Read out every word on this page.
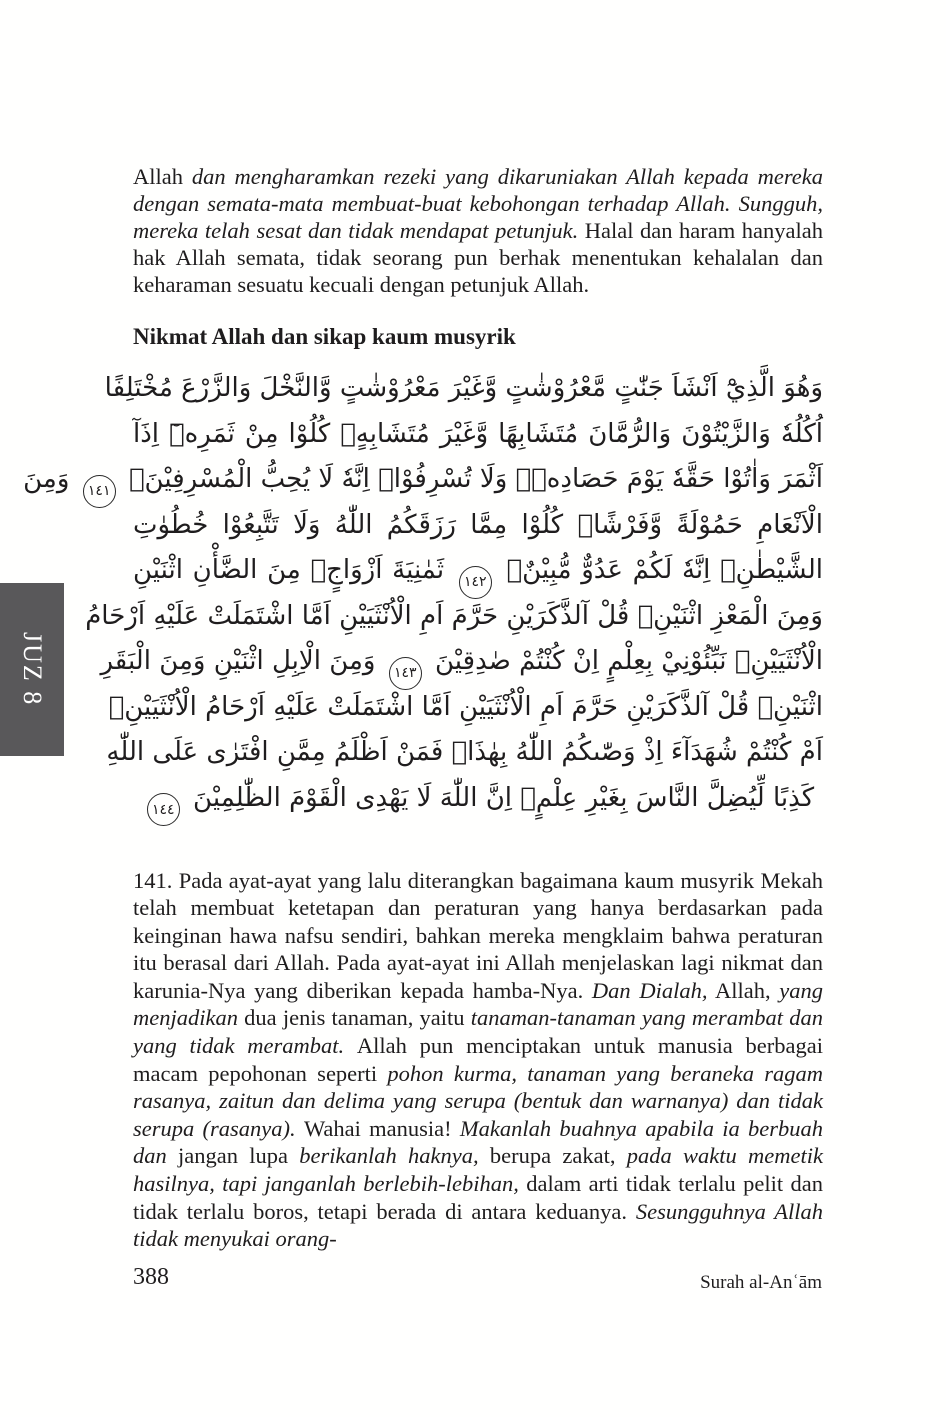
Allah dan mengharamkan rezeki yang dikaruniakan Allah kepada mereka dengan semata-mata membuat-buat kebohongan terhadap Allah. Sungguh, mereka telah sesat dan tidak mendapat petunjuk. Halal dan haram hanyalah hak Allah semata, tidak seorang pun berhak menentukan kehalalan dan keharaman sesuatu kecuali dengan petunjuk Allah.

Nikmat Allah dan sikap kaum musyrik
وَهُوَ الَّذِيْٓ اَنْشَاَ جَنّٰتٍ مَّعْرُوْشٰتٍ وَّغَيْرَ مَعْرُوْشٰتٍ وَّالنَّخْلَ وَالزَّرْعَ مُخْتَلِفًا
اُكُلُهٗ وَالزَّيْتُوْنَ وَالرُّمَّانَ مُتَشَابِهًا وَّغَيْرَ مُتَشَابِهٍۗ كُلُوْا مِنْ ثَمَرِهٖٓ اِذَآ
اَثْمَرَ وَاٰتُوْا حَقَّهٗ يَوْمَ حَصَادِهٖۖ وَلَا تُسْرِفُوْاۗ اِنَّهٗ لَا يُحِبُّ الْمُسْرِفِيْنَۙ ١٤١ وَمِنَ
الْاَنْعَامِ حَمُوْلَةً وَّفَرْشًاۗ كُلُوْا مِمَّا رَزَقَكُمُ اللّٰهُ وَلَا تَتَّبِعُوْا خُطُوٰتِ
الشَّيْطٰنِۗ اِنَّهٗ لَكُمْ عَدُوٌّ مُّبِيْنٌۙ ١٤٢ ثَمٰنِيَةَ اَزْوَاجٍۚ مِنَ الضَّأْنِ اثْنَيْنِ
وَمِنَ الْمَعْزِ اثْنَيْنِۗ قُلْ آلذَّكَرَيْنِ حَرَّمَ اَمِ الْاُنْثَيَيْنِ اَمَّا اشْتَمَلَتْ عَلَيْهِ اَرْحَامُ
الْاُنْثَيَيْنِۗ نَبِّئُوْنِيْ بِعِلْمٍ اِنْ كُنْتُمْ صٰدِقِيْنَ ١٤٣ وَمِنَ الْاِبِلِ اثْنَيْنِ وَمِنَ الْبَقَرِ
اثْنَيْنِۗ قُلْ آلذَّكَرَيْنِ حَرَّمَ اَمِ الْاُنْثَيَيْنِ اَمَّا اشْتَمَلَتْ عَلَيْهِ اَرْحَامُ الْاُنْثَيَيْنِۗ
اَمْ كُنْتُمْ شُهَدَآءَ اِذْ وَصّٰىكُمُ اللّٰهُ بِهٰذَاۚ فَمَنْ اَظْلَمُ مِمَّنِ افْتَرٰى عَلَى اللّٰهِ
كَذِبًا لِّيُضِلَّ النَّاسَ بِغَيْرِ عِلْمٍۗ اِنَّ اللّٰهَ لَا يَهْدِى الْقَوْمَ الظّٰلِمِيْنَ ١٤٤
JUZ 8

141. Pada ayat-ayat yang lalu diterangkan bagaimana kaum musyrik Mekah telah membuat ketetapan dan peraturan yang hanya berdasarkan pada keinginan hawa nafsu sendiri, bahkan mereka mengklaim bahwa peraturan itu berasal dari Allah. Pada ayat-ayat ini Allah menjelaskan lagi nikmat dan karunia-Nya yang diberikan kepada hamba-Nya. Dan Dialah, Allah, yang menjadikan dua jenis tanaman, yaitu tanaman-tanaman yang merambat dan yang tidak merambat. Allah pun menciptakan untuk manusia berbagai macam pepohonan seperti pohon kurma, tanaman yang beraneka ragam rasanya, zaitun dan delima yang serupa (bentuk dan warnanya) dan tidak serupa (rasanya). Wahai manusia! Makanlah buahnya apabila ia berbuah dan jangan lupa berikanlah haknya, berupa zakat, pada waktu memetik hasilnya, tapi janganlah berlebih-lebihan, dalam arti tidak terlalu pelit dan tidak terlalu boros, tetapi berada di antara keduanya. Sesungguhnya Allah tidak menyukai orang-

388	Surah al-Anʿām
